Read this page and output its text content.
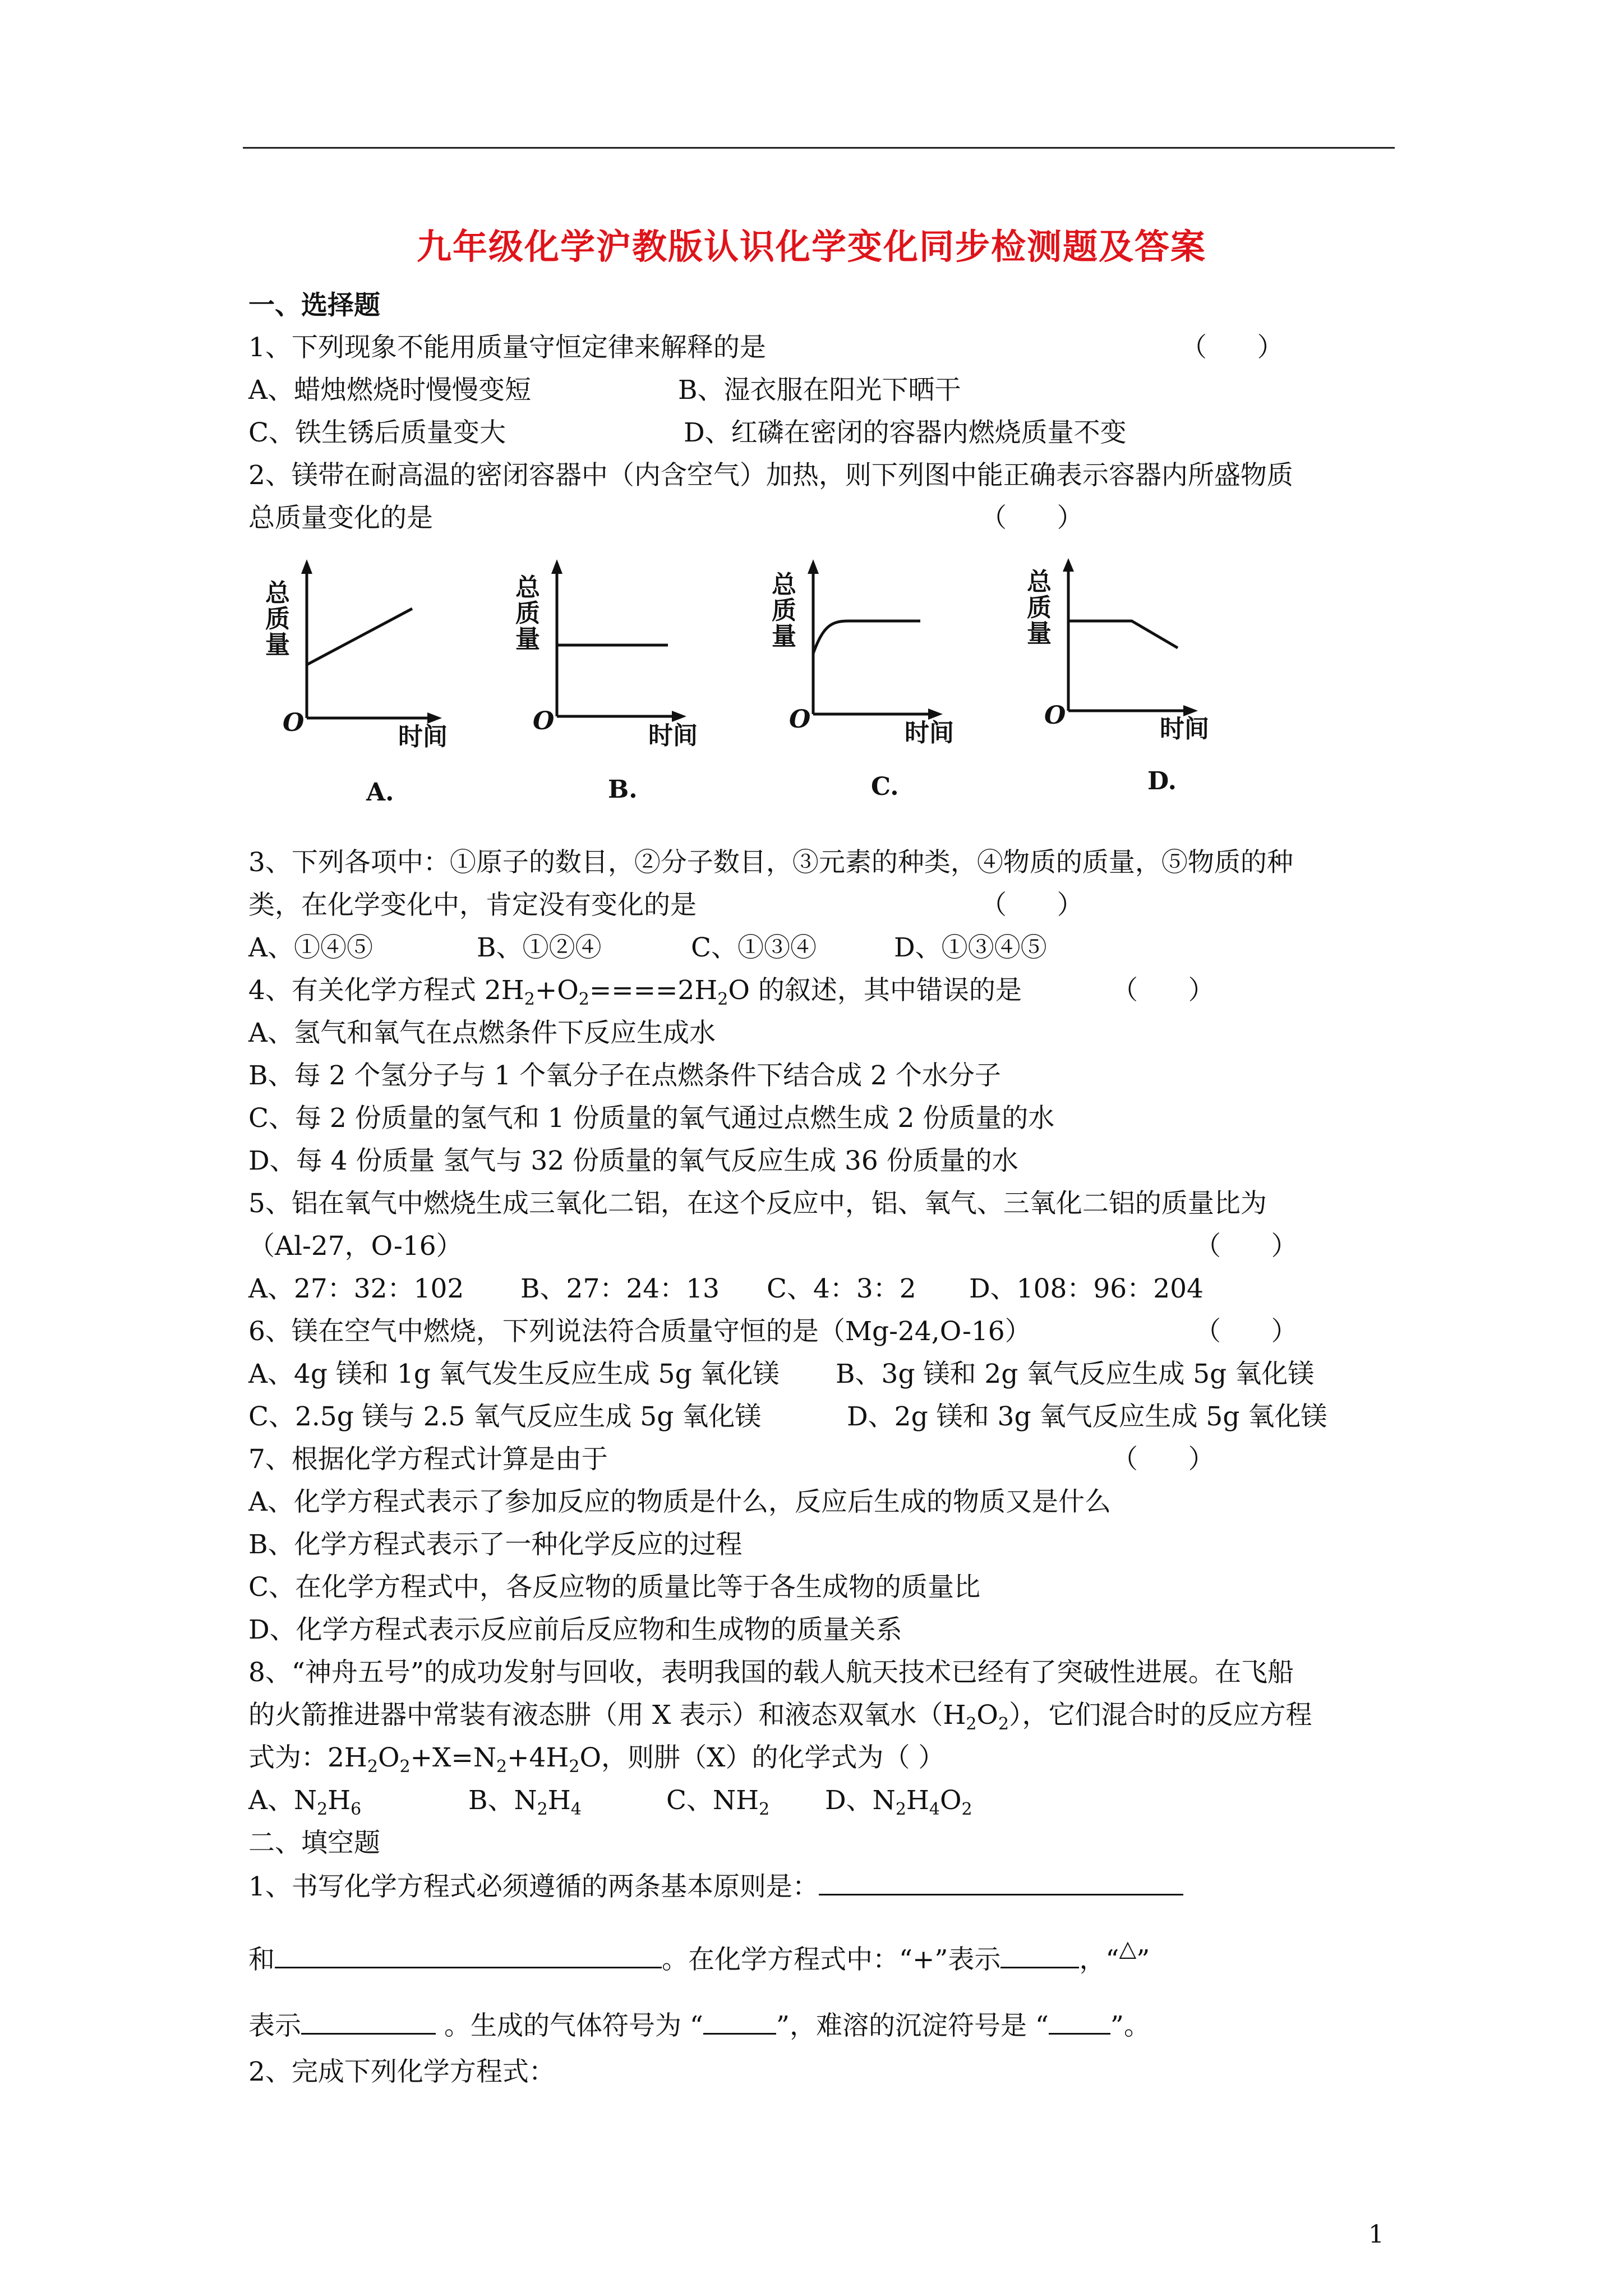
九年级化学沪教版认识化学变化同步检测题及答案
一、选择题
1、下列现象不能用质量守恒定律来解释的是	（      ）
A、蜡烛燃烧时慢慢变短	B、湿衣服在阳光下晒干
C、铁生锈后质量变大	D、红磷在密闭的容器内燃烧质量不变
2、镁带在耐高温的密闭容器中（内含空气）加热，则下列图中能正确表示容器内所盛物质
总质量变化的是	（      ）
总
质
量
O	时间
A.
总
质
量
O
时间
B.
总
质
量
O	时间
C.
总
质
量
O	时间
D.
3、下列各项中：①原子的数目，②分子数目，③元素的种类，④物质的质量，⑤物质的种
类，在化学变化中，肯定没有变化的是	（      ）
A、①④⑤	B、①②④	C、①③④	D、①③④⑤
4、有关化学方程式 $2H_2+O_2====2H_2O$ 的叙述，其中错误的是	（      ）
A、氢气和氧气在点燃条件下反应生成水
B、每 2 个氢分子与 1 个氧分子在点燃条件下结合成 2 个水分子
C、每 2 份质量的氢气和 1 份质量的氧气通过点燃生成 2 份质量的水
D、每 4 份质量 氢气与 32 份质量的氧气反应生成 36 份质量的水
5、铝在氧气中燃烧生成三氧化二铝，在这个反应中，铝、氧气、三氧化二铝的质量比为
（Al-27，O-16）	（      ）
A、27：32：102 B、27：24：13 C、4：3：2 D、108：96：204
6、镁在空气中燃烧，下列说法符合质量守恒的是（Mg-24,O-16）	（      ）
A、4g 镁和 1g 氧气发生反应生成 5g 氧化镁 B、3g 镁和 2g 氧气反应生成 5g 氧化镁
C、2.5g 镁与 2.5 氧气反应生成 5g 氧化镁	D、2g 镁和 3g 氧气反应生成 5g 氧化镁
7、根据化学方程式计算是由于	（      ）
A、化学方程式表示了参加反应的物质是什么，反应后生成的物质又是什么
B、化学方程式表示了一种化学反应的过程
C、在化学方程式中，各反应物的质量比等于各生成物的质量比
D、化学方程式表示反应前后反应物和生成物的质量关系
8、“神舟五号”的成功发射与回收，表明我国的载人航天技术已经有了突破性进展。在飞船
的火箭推进器中常装有液态肼（用 X 表示）和液态双氧水$(H_2O_2)$，它们混合时的反应方程
式为：$2H_2O_2+X=N_2+4H_2O$，则肼（X）的化学式为（ ）
A、$N_2H_6$	B、$N_2H_4$	C、$NH_2$ D、$N_2H_4O_2$
二、填空题
1、书写化学方程式必须遵循的两条基本原则是：
和	。在化学方程式中：“+”表示	，“△”
表示	。生成的气体符号为 “	”，难溶的沉淀符号是 “ ”。
2、完成下列化学方程式：
1
